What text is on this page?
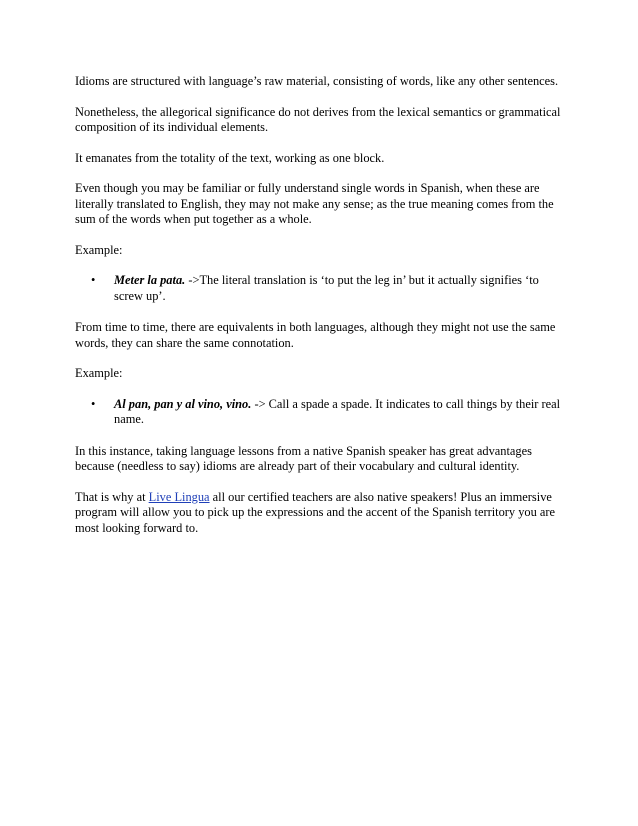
Idioms are structured with language’s raw material, consisting of words, like any other sentences.

Nonetheless, the allegorical significance do not derives from the lexical semantics or grammatical composition of its individual elements.

It emanates from the totality of the text, working as one block.

Even though you may be familiar or fully understand single words in Spanish, when these are literally translated to English, they may not make any sense; as the true meaning comes from the sum of the words when put together as a whole.

Example:

• Meter la pata. ->The literal translation is ‘to put the leg in’ but it actually signifies ‘to screw up’.

From time to time, there are equivalents in both languages, although they might not use the same words, they can share the same connotation.

Example:

• Al pan, pan y al vino, vino. -> Call a spade a spade. It indicates to call things by their real name.

In this instance, taking language lessons from a native Spanish speaker has great advantages because (needless to say) idioms are already part of their vocabulary and cultural identity.

That is why at Live Lingua all our certified teachers are also native speakers! Plus an immersive program will allow you to pick up the expressions and the accent of the Spanish territory you are most looking forward to.
